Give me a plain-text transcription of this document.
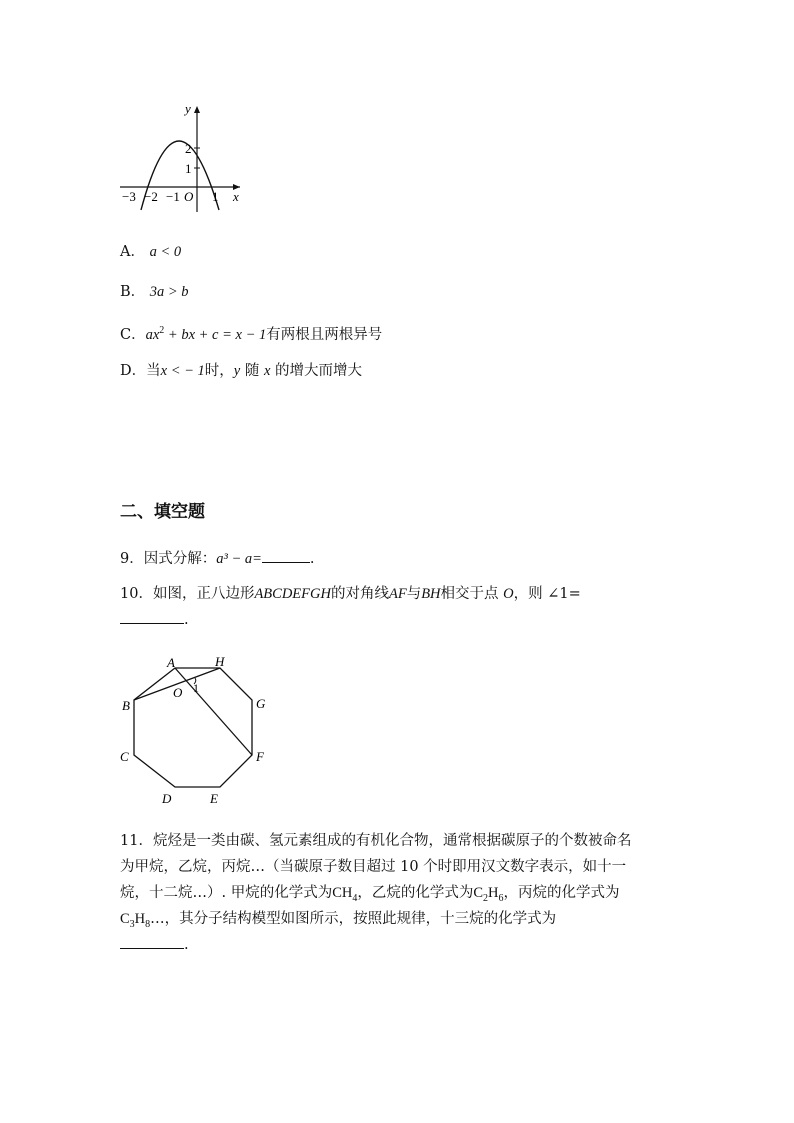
y
x
O
−3 −2 −1 1
2
1
A． a < 0
B． 3a > b
C．$ax^2$ + bx + c = x − 1有两根且两根异号
D．当x < − 1时，y 随 x 的增大而增大
二、填空题
9．因式分解：a³ − a=	.
10．如图，正八边形ABCDEFGH的对角线AF与BH相交于点 O，则 ∠1=
.
A	H
B	G
C	F
D	E
O 1
11．烷烃是一类由碳、氢元素组成的有机化合物，通常根据碳原子的个数被命名
为甲烷，乙烷，丙烷…（当碳原子数目超过 10 个时即用汉文数字表示，如十一
烷，十二烷…）. 甲烷的化学式为$CH_4$，乙烷的化学式为$C_2H_6$，丙烷的化学式为
$C_3H_8\dots$，其分子结构模型如图所示，按照此规律，十三烷的化学式为
.
